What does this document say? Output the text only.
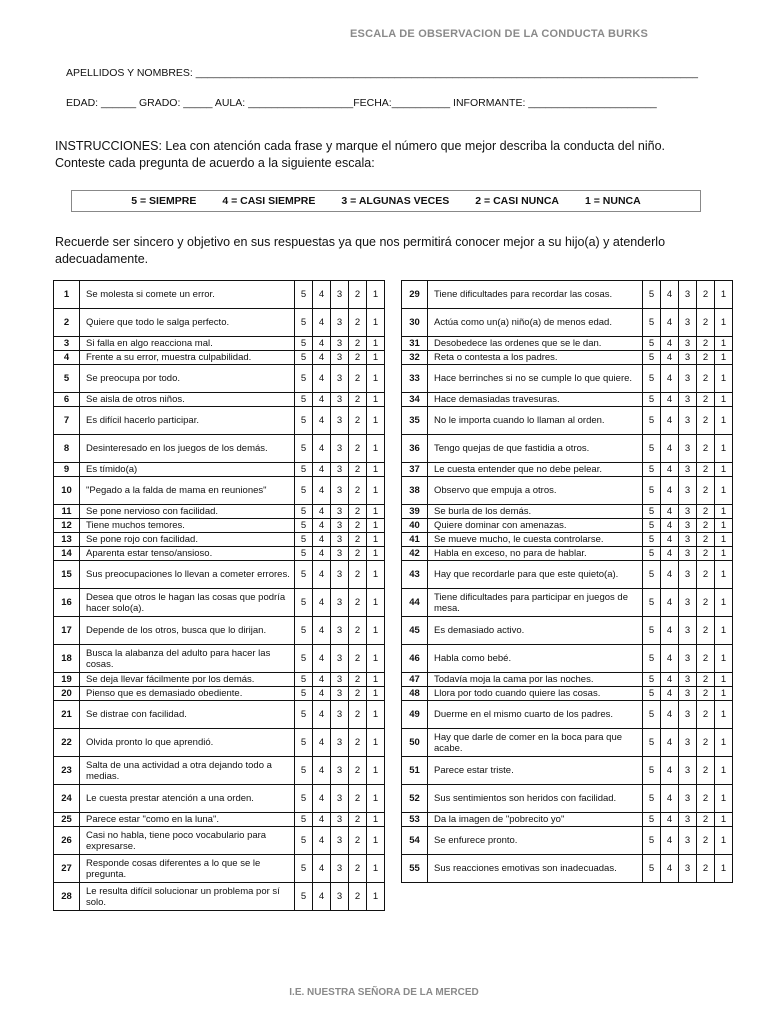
ESCALA DE OBSERVACION DE LA CONDUCTA BURKS
APELLIDOS Y NOMBRES: ______________________________________________________________________________________
EDAD: ______ GRADO: _____ AULA: __________________FECHA:__________ INFORMANTE: ______________________
INSTRUCCIONES: Lea con atención cada frase y marque el número que mejor describa la conducta del niño.
Conteste cada pregunta de acuerdo a la siguiente escala:
5 = SIEMPRE 4 = CASI SIEMPRE 3 = ALGUNAS VECES 2 = CASI NUNCA 1 = NUNCA
Recuerde ser sincero y objetivo en sus respuestas ya que nos permitirá conocer mejor a su hijo(a) y atenderlo
adecuadamente.
1	Se molesta si comete un error.	5	4	3	2	1
2	Quiere que todo le salga perfecto.	5	4	3	2	1
3	Si falla en algo reacciona mal.	5	4	3	2	1
4	Frente a su error, muestra culpabilidad.	5	4	3	2	1
5	Se preocupa por todo.	5	4	3	2	1
6	Se aisla de otros niños.	5	4	3	2	1
7	Es difícil hacerlo participar.	5	4	3	2	1
8	Desinteresado en los juegos de los demás.	5	4	3	2	1
9	Es tímido(a)	5	4	3	2	1
10	"Pegado a la falda de mama en reuniones"	5	4	3	2	1
11	Se pone nervioso con facilidad.	5	4	3	2	1
12	Tiene muchos temores.	5	4	3	2	1
13	Se pone rojo con facilidad.	5	4	3	2	1
14	Aparenta estar tenso/ansioso.	5	4	3	2	1
15	Sus preocupaciones lo llevan a cometer errores.	5	4	3	2	1
16	Desea que otros le hagan las cosas que podría hacer solo(a).	5	4	3	2	1
17	Depende de los otros, busca que lo dirijan.	5	4	3	2	1
18	Busca la alabanza del adulto para hacer las cosas.	5	4	3	2	1
19	Se deja llevar fácilmente por los demás.	5	4	3	2	1
20	Pienso que es demasiado obediente.	5	4	3	2	1
21	Se distrae con facilidad.	5	4	3	2	1
22	Olvida pronto lo que aprendió.	5	4	3	2	1
23	Salta de una actividad a otra dejando todo a medias.	5	4	3	2	1
24	Le cuesta prestar atención a una orden.	5	4	3	2	1
25	Parece estar "como en la luna".	5	4	3	2	1
26	Casi no habla, tiene poco vocabulario para expresarse.	5	4	3	2	1
27	Responde cosas diferentes a lo que se le pregunta.	5	4	3	2	1
28	Le resulta difícil solucionar un problema por sí solo.	5	4	3	2	1
29	Tiene dificultades para recordar las cosas.	5	4	3	2	1
30	Actúa como un(a) niño(a) de menos edad.	5	4	3	2	1
31	Desobedece las ordenes que se le dan.	5	4	3	2	1
32	Reta o contesta a los padres.	5	4	3	2	1
33	Hace berrinches si no se cumple lo que quiere.	5	4	3	2	1
34	Hace demasiadas travesuras.	5	4	3	2	1
35	No le importa cuando lo llaman al orden.	5	4	3	2	1
36	Tengo quejas de que fastidia a otros.	5	4	3	2	1
37	Le cuesta entender que no debe pelear.	5	4	3	2	1
38	Observo que empuja a otros.	5	4	3	2	1
39	Se burla de los demás.	5	4	3	2	1
40	Quiere dominar con amenazas.	5	4	3	2	1
41	Se mueve mucho, le cuesta controlarse.	5	4	3	2	1
42	Habla en exceso, no para de hablar.	5	4	3	2	1
43	Hay que recordarle para que este quieto(a).	5	4	3	2	1
44	Tiene dificultades para participar en juegos de mesa.	5	4	3	2	1
45	Es demasiado activo.	5	4	3	2	1
46	Habla como bebé.	5	4	3	2	1
47	Todavía moja la cama por las noches.	5	4	3	2	1
48	Llora por todo cuando quiere las cosas.	5	4	3	2	1
49	Duerme en el mismo cuarto de los padres.	5	4	3	2	1
50	Hay que darle de comer en la boca para que acabe.	5	4	3	2	1
51	Parece estar triste.	5	4	3	2	1
52	Sus sentimientos son heridos con facilidad.	5	4	3	2	1
53	Da la imagen de "pobrecito yo"	5	4	3	2	1
54	Se enfurece pronto.	5	4	3	2	1
55	Sus reacciones emotivas son inadecuadas.	5	4	3	2	1
I.E. NUESTRA SEÑORA DE LA MERCED
